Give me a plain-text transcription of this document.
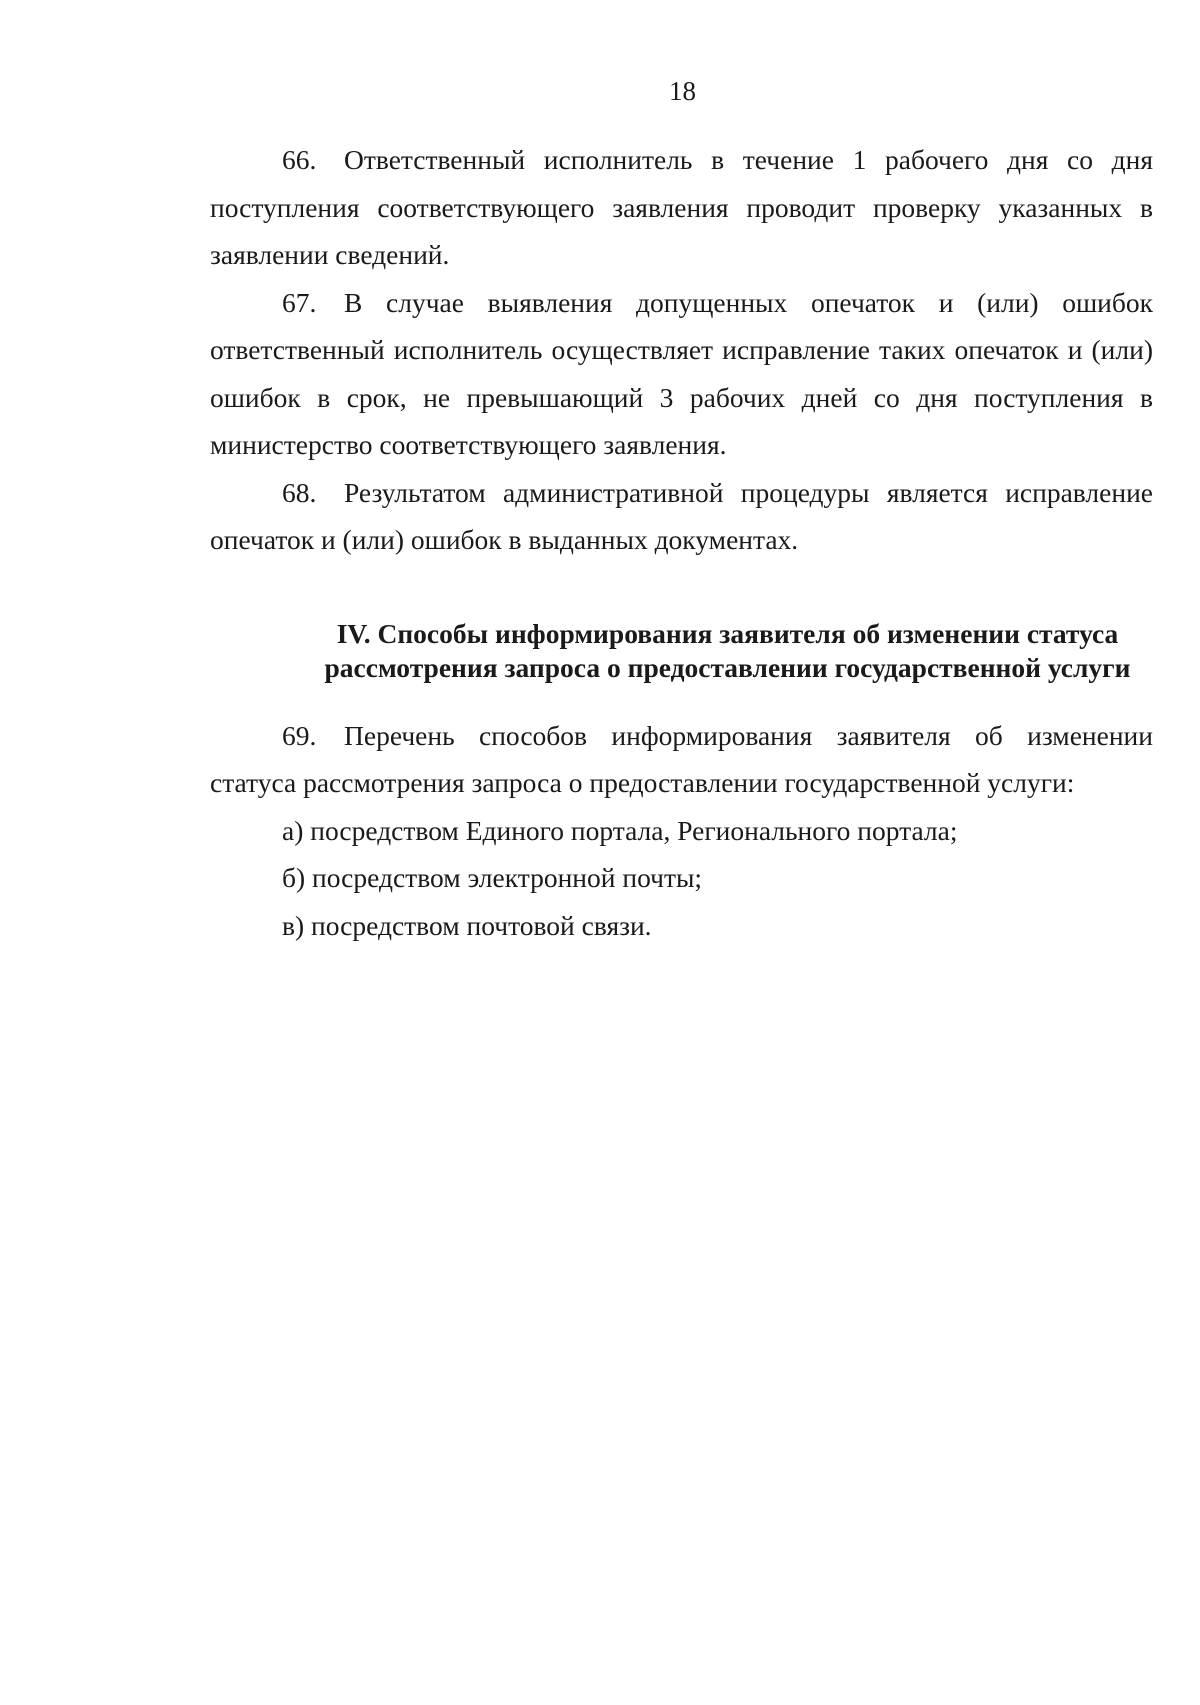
18

66. Ответственный исполнитель в течение 1 рабочего дня со дня поступления соответствующего заявления проводит проверку указанных в заявлении сведений.

67. В случае выявления допущенных опечаток и (или) ошибок ответственный исполнитель осуществляет исправление таких опечаток и (или) ошибок в срок, не превышающий 3 рабочих дней со дня поступления в министерство соответствующего заявления.

68. Результатом административной процедуры является исправление опечаток и (или) ошибок в выданных документах.

IV. Способы информирования заявителя об изменении статуса
рассмотрения запроса о предоставлении государственной услуги

69. Перечень способов информирования заявителя об изменении статуса рассмотрения запроса о предоставлении государственной услуги:

а) посредством Единого портала, Регионального портала;

б) посредством электронной почты;

в) посредством почтовой связи.
